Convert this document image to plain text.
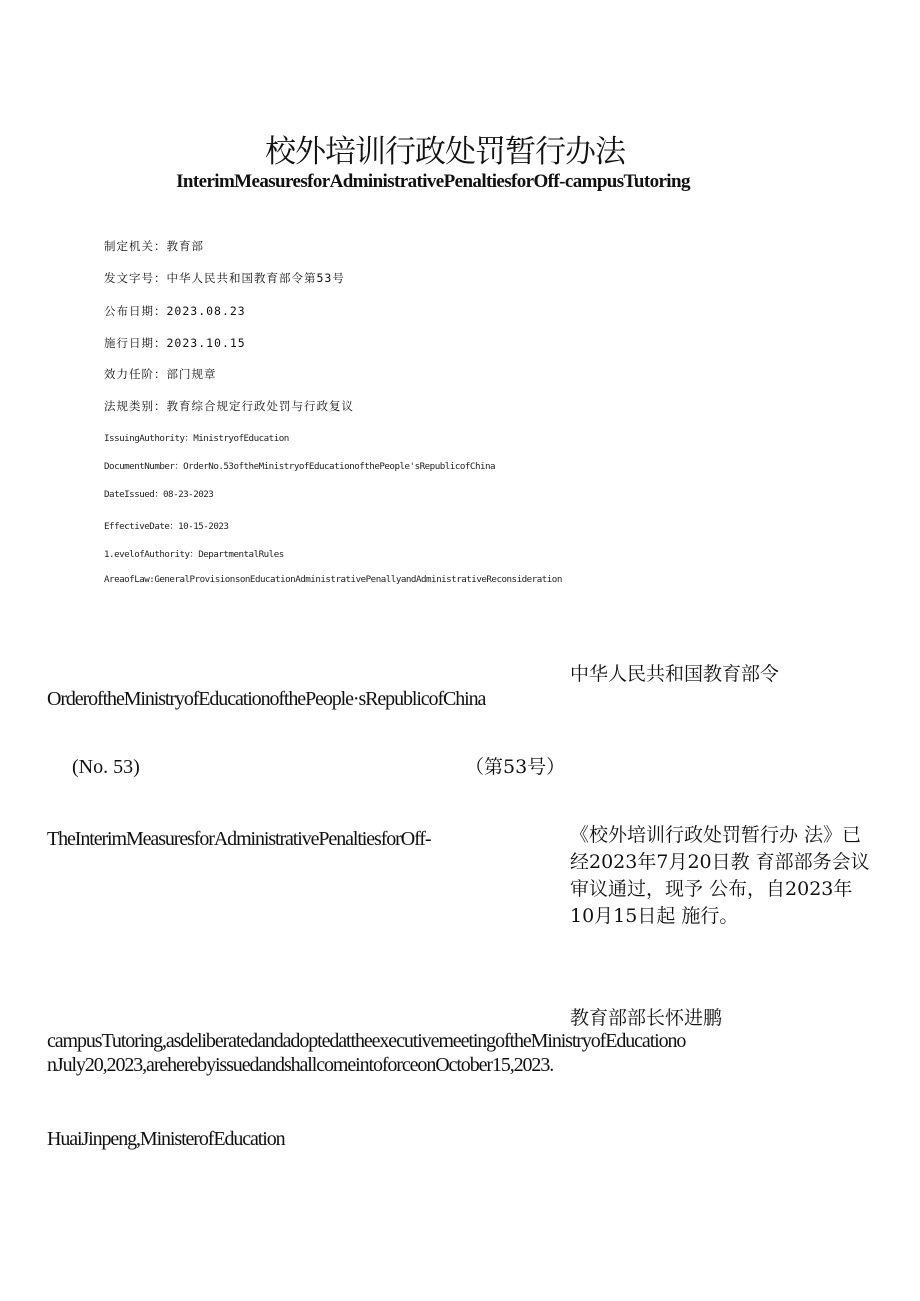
校外培训行政处罚暂行办法
InterimMeasuresforAdministrativePenaltiesforOff-campusTutoring
制定机关：教育部
发文字号：中华人民共和国教育部令第53号
公布日期：2023.08.23
施行日期：2023.10.15
效力任阶：部门规章
法规类别：教育综合规定行政处罚与行政复议
IssuingAuthority：MinistryofEducation
DocumentNumber：OrderNo.53oftheMinistryofEducationofthePeople'sRepublicofChina
DateIssued：08-23-2023
EffectiveDate：10-15-2023
1.evelofAuthority：DepartmentalRules
AreaofLaw:GeneralProvisionsonEducationAdministrativePenallyandAdministrativeReconsideration
中华人民共和国教育部令
OrderoftheMinistryofEducationofthePeople·sRepublicofChina
(No. 53)	（第53号）
TheInterimMeasuresforAdministrativePenaltiesforOff-	《校外培训行政处罚暂行办 法》已经2023年7月20日教 育部部务会议审议通过，现予 公布，自2023年10月15日起 施行。
教育部部长怀进鹏
campusTutoring,asdeliberatedandadoptedattheexecutivemeetingoftheMinistryofEducationo
nJuly20,2023,areherebyissuedandshallcomeintoforceonOctober15,2023.
HuaiJinpeng,MinisterofEducation
